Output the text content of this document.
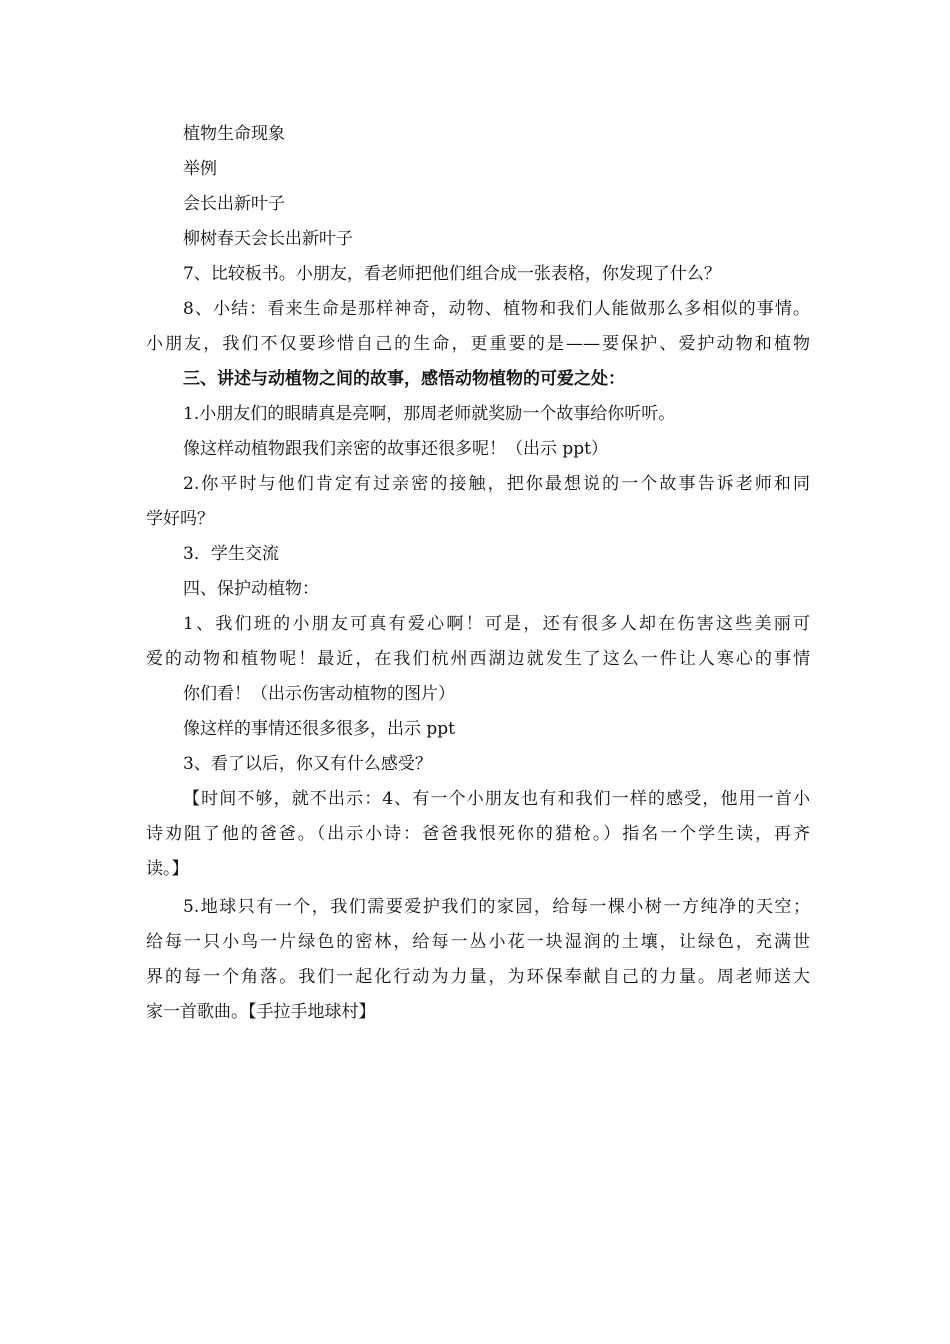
植物生命现象
举例
会长出新叶子
柳树春天会长出新叶子
7、比较板书。小朋友，看老师把他们组合成一张表格，你发现了什么？
8、小结：看来生命是那样神奇，动物、植物和我们人能做那么多相似的事情。
小朋友，我们不仅要珍惜自己的生命，更重要的是——要保护、爱护动物和植物
三、讲述与动植物之间的故事，感悟动物植物的可爱之处：
1.小朋友们的眼睛真是亮啊，那周老师就奖励一个故事给你听听。
像这样动植物跟我们亲密的故事还很多呢！（出示 ppt）
2.你平时与他们肯定有过亲密的接触，把你最想说的一个故事告诉老师和同
学好吗？
3．学生交流
四、保护动植物：
1、我们班的小朋友可真有爱心啊！可是，还有很多人却在伤害这些美丽可
爱的动物和植物呢！最近，在我们杭州西湖边就发生了这么一件让人寒心的事情
你们看！（出示伤害动植物的图片）
像这样的事情还很多很多，出示 ppt
3、看了以后，你又有什么感受？
【时间不够，就不出示：4、有一个小朋友也有和我们一样的感受，他用一首小
诗劝阻了他的爸爸。（出示小诗：爸爸我恨死你的猎枪。）指名一个学生读，再齐
读。】
5.地球只有一个，我们需要爱护我们的家园，给每一棵小树一方纯净的天空；
给每一只小鸟一片绿色的密林，给每一丛小花一块湿润的土壤，让绿色，充满世
界的每一个角落。我们一起化行动为力量，为环保奉献自己的力量。周老师送大
家一首歌曲。【手拉手地球村】
